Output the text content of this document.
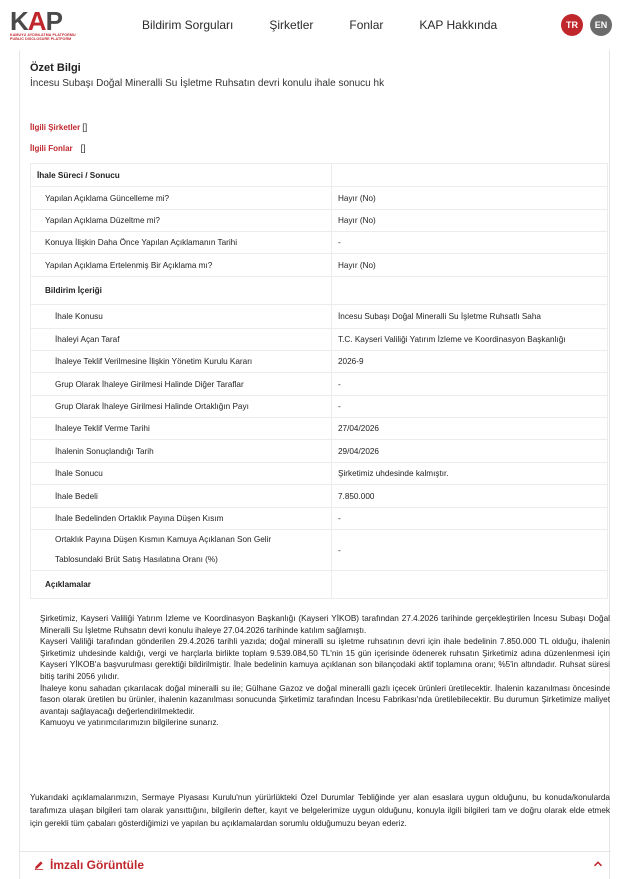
KAP
KAMUYU AYDINLATMA PLATFORMU
PUBLIC DISCLOSURE PLATFORM
Bildirim Sorguları	Şirketler	Fonlar	KAP Hakkında	TR	EN
Özet Bilgi
İncesu Subaşı Doğal Mineralli Su İşletme Ruhsatın devri konulu ihale sonucu hk
İlgili Şirketler []
İlgili Fonlar []
İhale Süreci / Sonucu	
Yapılan Açıklama Güncelleme mi?	Hayır (No)
Yapılan Açıklama Düzeltme mi?	Hayır (No)
Konuya İlişkin Daha Önce Yapılan Açıklamanın Tarihi	-
Yapılan Açıklama Ertelenmiş Bir Açıklama mı?	Hayır (No)
Bildirim İçeriği	
İhale Konusu	İncesu Subaşı Doğal Mineralli Su İşletme Ruhsatlı Saha
İhaleyi Açan Taraf	T.C. Kayseri Valiliği Yatırım İzleme ve Koordinasyon Başkanlığı
İhaleye Teklif Verilmesine İlişkin Yönetim Kurulu Kararı	2026-9
Grup Olarak İhaleye Girilmesi Halinde Diğer Taraflar	-
Grup Olarak İhaleye Girilmesi Halinde Ortaklığın Payı	-
İhaleye Teklif Verme Tarihi	27/04/2026
İhalenin Sonuçlandığı Tarih	29/04/2026
İhale Sonucu	Şirketimiz uhdesinde kalmıştır.
İhale Bedeli	7.850.000
İhale Bedelinden Ortaklık Payına Düşen Kısım	-

Ortaklık Payına Düşen Kısmın Kamuya Açıklanan Son Gelir
Tablosundaki Brüt Satış Hasılatına Oranı (%)	-
Açıklamalar	

Şirketimiz, Kayseri Valiliği Yatırım İzleme ve Koordinasyon Başkanlığı (Kayseri YİKOB) tarafından 27.4.2026 tarihinde gerçekleştirilen İncesu Subaşı Doğal Mineralli Su İşletme Ruhsatın devri konulu ihaleye 27.04.2026 tarihinde katılım sağlamıştı.

Kayseri Valiliği tarafından gönderilen 29.4.2026 tarihli yazıda; doğal mineralli su işletme ruhsatının devri için ihale bedelinin 7.850.000 TL olduğu, ihalenin Şirketimiz uhdesinde kaldığı, vergi ve harçlarla birlikte toplam 9.539.084,50 TL'nin 15 gün içerisinde ödenerek ruhsatın Şirketimiz adına düzenlenmesi için Kayseri YİKOB'a başvurulması gerektiği bildirilmiştir. İhale bedelinin kamuya açıklanan son bilançodaki aktif toplamına oranı; %5'in altındadır. Ruhsat süresi bitiş tarihi 2056 yılıdır.

İhaleye konu sahadan çıkarılacak doğal mineralli su ile; Gülhane Gazoz ve doğal mineralli gazlı içecek ürünleri üretilecektir. İhalenin kazanılması öncesinde fason olarak üretilen bu ürünler, ihalenin kazanılması sonucunda Şirketimiz tarafından İncesu Fabrikası'nda üretilebilecektir. Bu durumun Şirketimize maliyet avantajı sağlayacağı değerlendirilmektedir.

Kamuoyu ve yatırımcılarımızın bilgilerine sunarız.

Yukarıdaki açıklamalarımızın, Sermaye Piyasası Kurulu'nun yürürlükteki Özel Durumlar Tebliğinde yer alan esaslara uygun olduğunu, bu konuda/konularda tarafımıza ulaşan bilgileri tam olarak yansıttığını, bilgilerin defter, kayıt ve belgelerimize uygun olduğunu, konuyla ilgili bilgileri tam ve doğru olarak elde etmek için gerekli tüm çabaları gösterdiğimizi ve yapılan bu açıklamalardan sorumlu olduğumuzu beyan ederiz.
İmzalı Görüntüle
